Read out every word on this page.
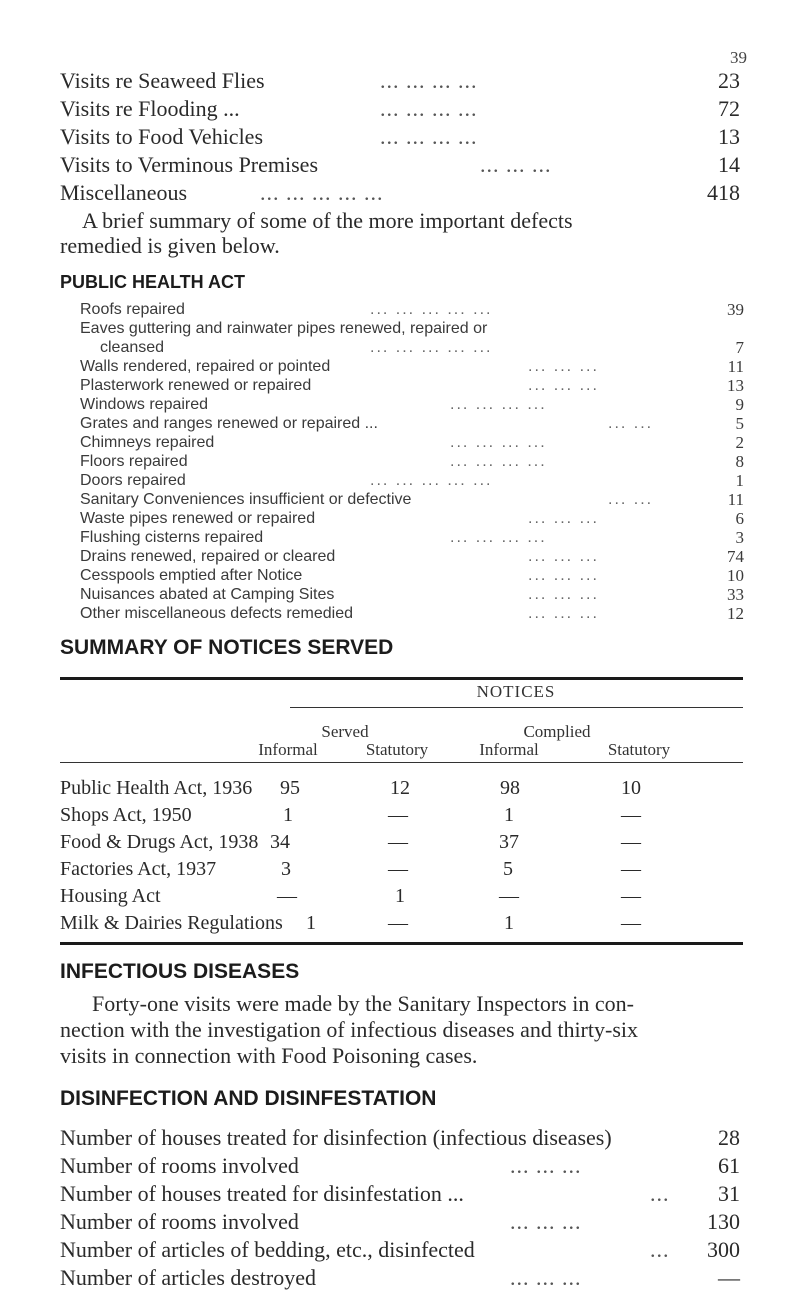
39
Visits re Seaweed Flies	... ... ... ...	23
Visits re Flooding ...	... ... ... ...	72
Visits to Food Vehicles	... ... ... ...	13
Visits to Verminous Premises	... ... ...	14
Miscellaneous	... ... ... ... ...	418
A brief summary of some of the more important defects
remedied is given below.
PUBLIC HEALTH ACT
Roofs repaired	... ... ... ... ...	39
Eaves guttering and rainwater pipes renewed, repaired or
cleansed	... ... ... ... ...	7
Walls rendered, repaired or pointed	... ... ...	11
Plasterwork renewed or repaired	... ... ...	13
Windows repaired	... ... ... ...	9
Grates and ranges renewed or repaired ...	... ...	5
Chimneys repaired	... ... ... ...	2
Floors repaired	... ... ... ...	8
Doors repaired	... ... ... ... ...	1
Sanitary Conveniences insufficient or defective	... ...	11
Waste pipes renewed or repaired	... ... ...	6
Flushing cisterns repaired	... ... ... ...	3
Drains renewed, repaired or cleared	... ... ...	74
Cesspools emptied after Notice	... ... ...	10
Nuisances abated at Camping Sites	... ... ...	33
Other miscellaneous defects remedied	... ... ...	12
SUMMARY OF NOTICES SERVED
NOTICES
Served	Complied
Informal	Statutory	Informal	Statutory
Public Health Act, 1936 95	12	98	10
Shops Act, 1950	1	—	1	—
Food & Drugs Act, 1938 34	—	37	—
Factories Act, 1937	3	—	5	—
Housing Act	—	1	—	—
Milk & Dairies Regulations 1	—	1	—
INFECTIOUS DISEASES
Forty-one visits were made by the Sanitary Inspectors in con-
nection with the investigation of infectious diseases and thirty-six
visits in connection with Food Poisoning cases.
DISINFECTION AND DISINFESTATION
Number of houses treated for disinfection (infectious diseases)	28
Number of rooms involved	... ... ...	61
Number of houses treated for disinfestation ...	... 31
Number of rooms involved	... ... ...	130
Number of articles of bedding, etc., disinfected	... 300
Number of articles destroyed	... ... ...	—
